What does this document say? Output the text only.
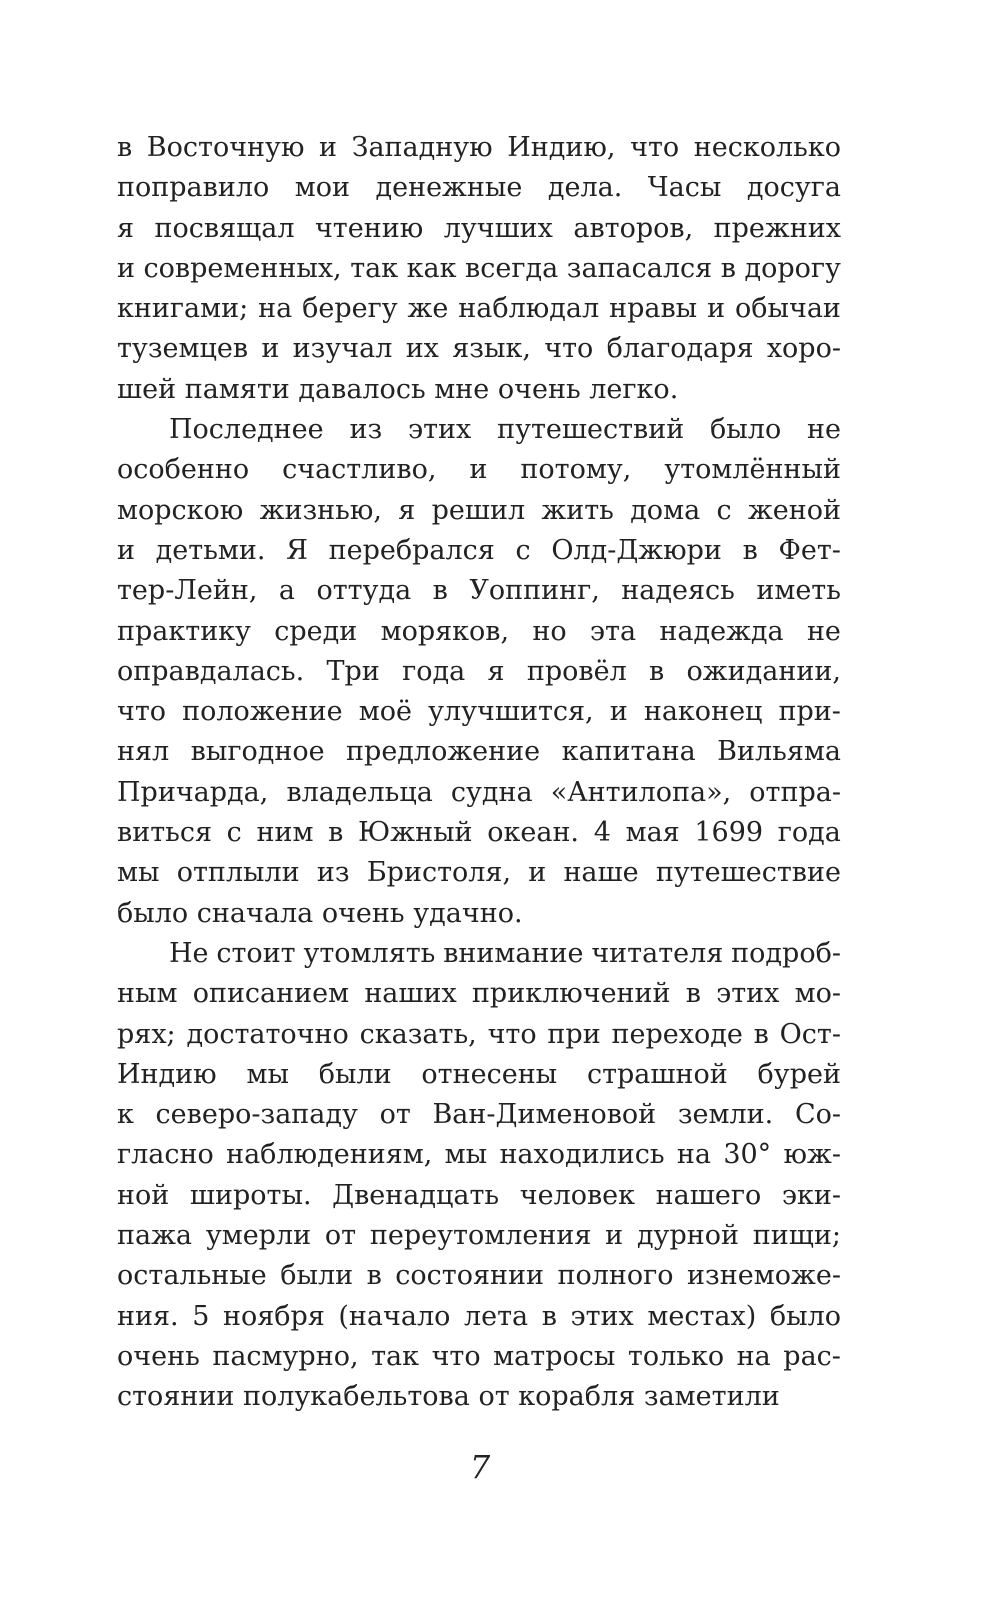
в Восточную и Западную Индию, что несколько
поправило мои денежные дела. Часы досуга
я посвящал чтению лучших авторов, прежних
и современных, так как всегда запасался в дорогу
книгами; на берегу же наблюдал нравы и обычаи
туземцев и изучал их язык, что благодаря хоро-
шей памяти давалось мне очень легко.
Последнее из этих путешествий было не
особенно счастливо, и потому, утомлённый
морскою жизнью, я решил жить дома с женой
и детьми. Я перебрался с Олд-Джюри в Фет-
тер-Лейн, а оттуда в Уоппинг, надеясь иметь
практику среди моряков, но эта надежда не
оправдалась. Три года я провёл в ожидании,
что положение моё улучшится, и наконец при-
нял выгодное предложение капитана Вильяма
Причарда, владельца судна «Антилопа», отпра-
виться с ним в Южный океан. 4 мая 1699 года
мы отплыли из Бристоля, и наше путешествие
было сначала очень удачно.
Не стоит утомлять внимание читателя подроб-
ным описанием наших приключений в этих мо-
рях; достаточно сказать, что при переходе в Ост-
Индию мы были отнесены страшной бурей
к северо-западу от Ван-Дименовой земли. Со-
гласно наблюдениям, мы находились на 30° юж-
ной широты. Двенадцать человек нашего эки-
пажа умерли от переутомления и дурной пищи;
остальные были в состоянии полного изнеможе-
ния. 5 ноября (начало лета в этих местах) было
очень пасмурно, так что матросы только на рас-
стоянии полукабельтова от корабля заметили
7
